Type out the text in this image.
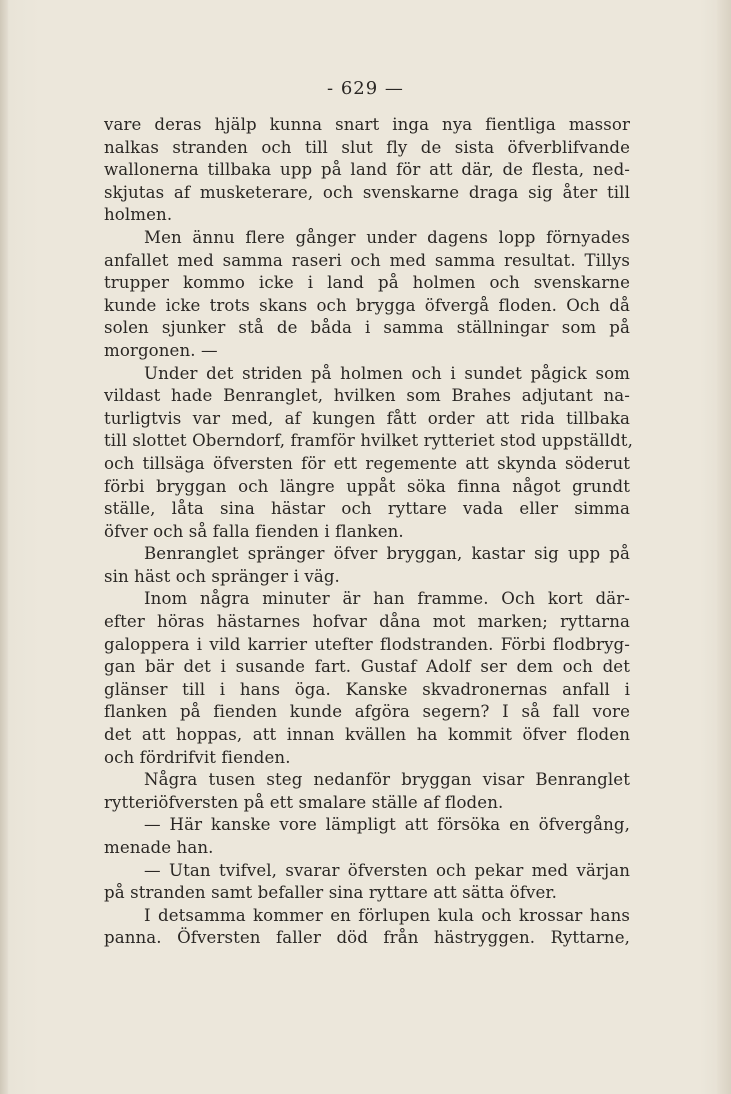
- 629 —
vare deras hjälp kunna snart inga nya fientliga massor
nalkas stranden och till slut fly de sista öfverblifvande
wallonerna tillbaka upp på land för att där, de flesta, ned-
skjutas af musketerare, och svenskarne draga sig åter till
holmen.
Men ännu flere gånger under dagens lopp förnyades
anfallet med samma raseri och med samma resultat. Tillys
trupper kommo icke i land på holmen och svenskarne
kunde icke trots skans och brygga öfvergå floden. Och då
solen sjunker stå de båda i samma ställningar som på
morgonen. —
Under det striden på holmen och i sundet pågick som
vildast hade Benranglet, hvilken som Brahes adjutant na-
turligtvis var med, af kungen fått order att rida tillbaka
till slottet Oberndorf, framför hvilket rytteriet stod uppställdt,
och tillsäga öfversten för ett regemente att skynda söderut
förbi bryggan och längre uppåt söka finna något grundt
ställe, låta sina hästar och ryttare vada eller simma
öfver och så falla fienden i flanken.
Benranglet spränger öfver bryggan, kastar sig upp på
sin häst och spränger i väg.
Inom några minuter är han framme. Och kort där-
efter höras hästarnes hofvar dåna mot marken; ryttarna
galoppera i vild karrier utefter flodstranden. Förbi flodbryg-
gan bär det i susande fart. Gustaf Adolf ser dem och det
glänser till i hans öga. Kanske skvadronernas anfall i
flanken på fienden kunde afgöra segern? I så fall vore
det att hoppas, att innan kvällen ha kommit öfver floden
och fördrifvit fienden.
Några tusen steg nedanför bryggan visar Benranglet
rytteriöfversten på ett smalare ställe af floden.
— Här kanske vore lämpligt att försöka en öfvergång,
menade han.
— Utan tvifvel, svarar öfversten och pekar med värjan
på stranden samt befaller sina ryttare att sätta öfver.
I detsamma kommer en förlupen kula och krossar hans
panna. Öfversten faller död från hästryggen. Ryttarne,
